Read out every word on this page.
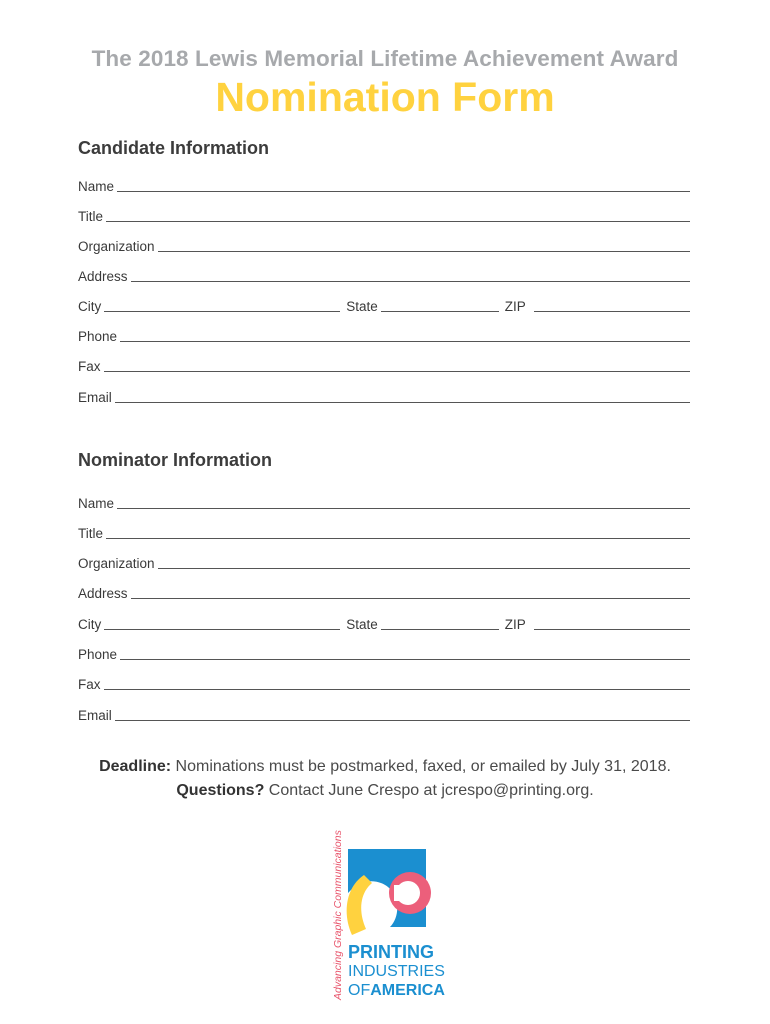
The 2018 Lewis Memorial Lifetime Achievement Award
Nomination Form
Candidate Information
Name
Title
Organization
Address
City	State	ZIP
Phone
Fax
Email
Nominator Information
Name
Title
Organization
Address
City	State	ZIP
Phone
Fax
Email
Deadline: Nominations must be postmarked, faxed, or emailed by July 31, 2018.
Questions? Contact June Crespo at jcrespo@printing.org.
Advancing Graphic Communications PRINTING
INDUSTRIES
OFAMERICA
